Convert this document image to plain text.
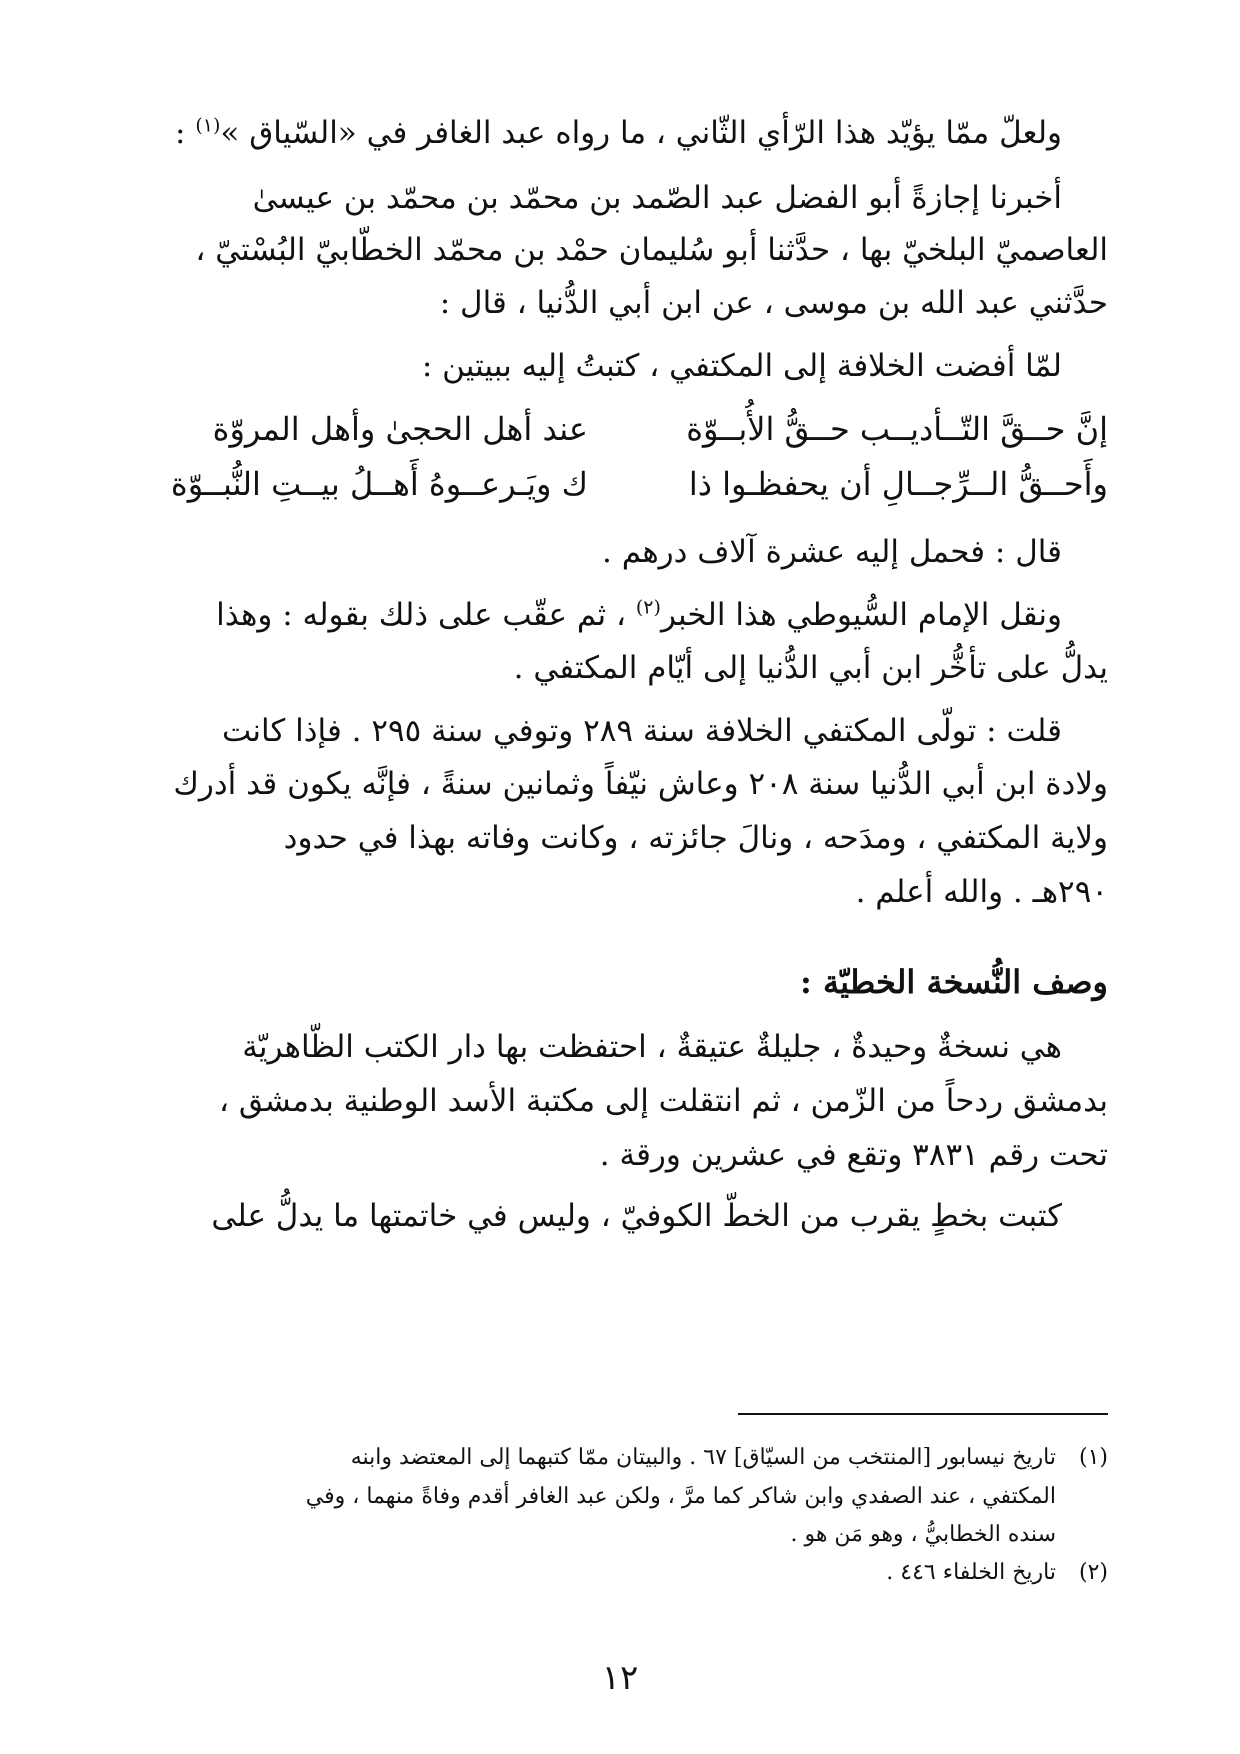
ولعلّ ممّا يؤيّد هذا الرّأي الثّاني ، ما رواه عبد الغافر في «السّياق »$^{(١)}$ :
أخبرنا إجازةً أبو الفضل عبد الصّمد بن محمّد بن محمّد بن عيسىٰ
العاصميّ البلخيّ بها ، حدَّثنا أبو سُليمان حمْد بن محمّد الخطّابيّ البُسْتيّ ،
حدَّثني عبد الله بن موسى ، عن ابن أبي الدُّنيا ، قال :
لمّا أفضت الخلافة إلى المكتفي ، كتبتُ إليه ببيتين :
إنَّ حــقَّ التّــأديــب حــقُّ الأُبــوّة
عند أهل الحجىٰ وأهل المروّة
وأَحــقُّ الــرِّجــالِ أن يحفظـوا ذا
ك ويَـرعــوهُ أَهــلُ بيــتِ النُّبــوّة
قال : فحمل إليه عشرة آلاف درهم .
ونقل الإمام السُّيوطي هذا الخبر$^{(٢)}$ ، ثم عقّب على ذلك بقوله : وهذا
يدلُّ على تأخُّر ابن أبي الدُّنيا إلى أيّام المكتفي .
قلت : تولّى المكتفي الخلافة سنة ٢٨٩ وتوفي سنة ٢٩٥ . فإذا كانت
ولادة ابن أبي الدُّنيا سنة ٢٠٨ وعاش نيّفاً وثمانين سنةً ، فإنَّه يكون قد أدرك
ولاية المكتفي ، ومدَحه ، ونالَ جائزته ، وكانت وفاته بهذا في حدود
٢٩٠هـ . والله أعلم .
وصف النُّسخة الخطيّة :
هي نسخةٌ وحيدةٌ ، جليلةٌ عتيقةٌ ، احتفظت بها دار الكتب الظّاهريّة
بدمشق ردحاً من الزّمن ، ثم انتقلت إلى مكتبة الأسد الوطنية بدمشق ،
تحت رقم ٣٨٣١ وتقع في عشرين ورقة .
كتبت بخطٍ يقرب من الخطّ الكوفيّ ، وليس في خاتمتها ما يدلُّ على
(١)تاريخ نيسابور [المنتخب من السيّاق] ٦٧ . والبيتان ممّا كتبهما إلى المعتضد وابنه
المكتفي ، عند الصفدي وابن شاكر كما مرَّ ، ولكن عبد الغافر أقدم وفاةً منهما ، وفي
سنده الخطابيُّ ، وهو مَن هو .
(٢)تاريخ الخلفاء ٤٤٦ .
١٢
